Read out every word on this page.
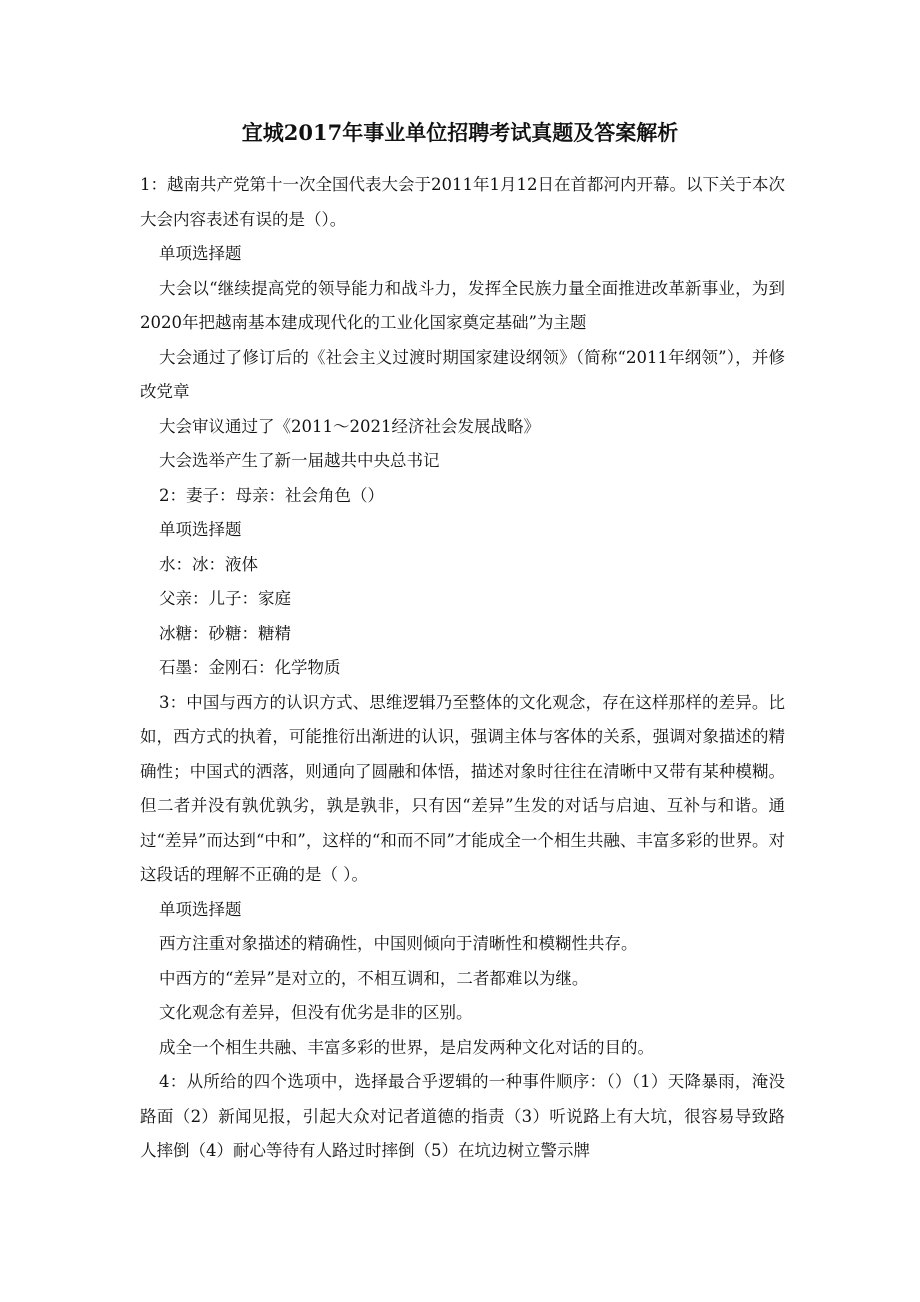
宜城2017年事业单位招聘考试真题及答案解析

1：越南共产党第十一次全国代表大会于2011年1月12日在首都河内开幕。以下关于本次大会内容表述有误的是（）。

单项选择题

大会以“继续提高党的领导能力和战斗力，发挥全民族力量全面推进改革新事业，为到2020年把越南基本建成现代化的工业化国家奠定基础”为主题

大会通过了修订后的《社会主义过渡时期国家建设纲领》（简称“2011年纲领”），并修改党章

大会审议通过了《2011～2021经济社会发展战略》

大会选举产生了新一届越共中央总书记

2：妻子：母亲：社会角色（）

单项选择题

水：冰：液体

父亲：儿子：家庭

冰糖：砂糖：糖精

石墨：金刚石：化学物质

3：中国与西方的认识方式、思维逻辑乃至整体的文化观念，存在这样那样的差异。比如，西方式的执着，可能推衍出渐进的认识，强调主体与客体的关系，强调对象描述的精确性；中国式的洒落，则通向了圆融和体悟，描述对象时往往在清晰中又带有某种模糊。但二者并没有孰优孰劣，孰是孰非，只有因“差异”生发的对话与启迪、互补与和谐。通过“差异”而达到“中和”，这样的“和而不同”才能成全一个相生共融、丰富多彩的世界。对这段话的理解不正确的是（ ）。

单项选择题

西方注重对象描述的精确性，中国则倾向于清晰性和模糊性共存。

中西方的“差异”是对立的，不相互调和，二者都难以为继。

文化观念有差异，但没有优劣是非的区别。

成全一个相生共融、丰富多彩的世界，是启发两种文化对话的目的。

4：从所给的四个选项中，选择最合乎逻辑的一种事件顺序：（）（1）天降暴雨，淹没路面（2）新闻见报，引起大众对记者道德的指责（3）听说路上有大坑，很容易导致路人摔倒（4）耐心等待有人路过时摔倒（5）在坑边树立警示牌
